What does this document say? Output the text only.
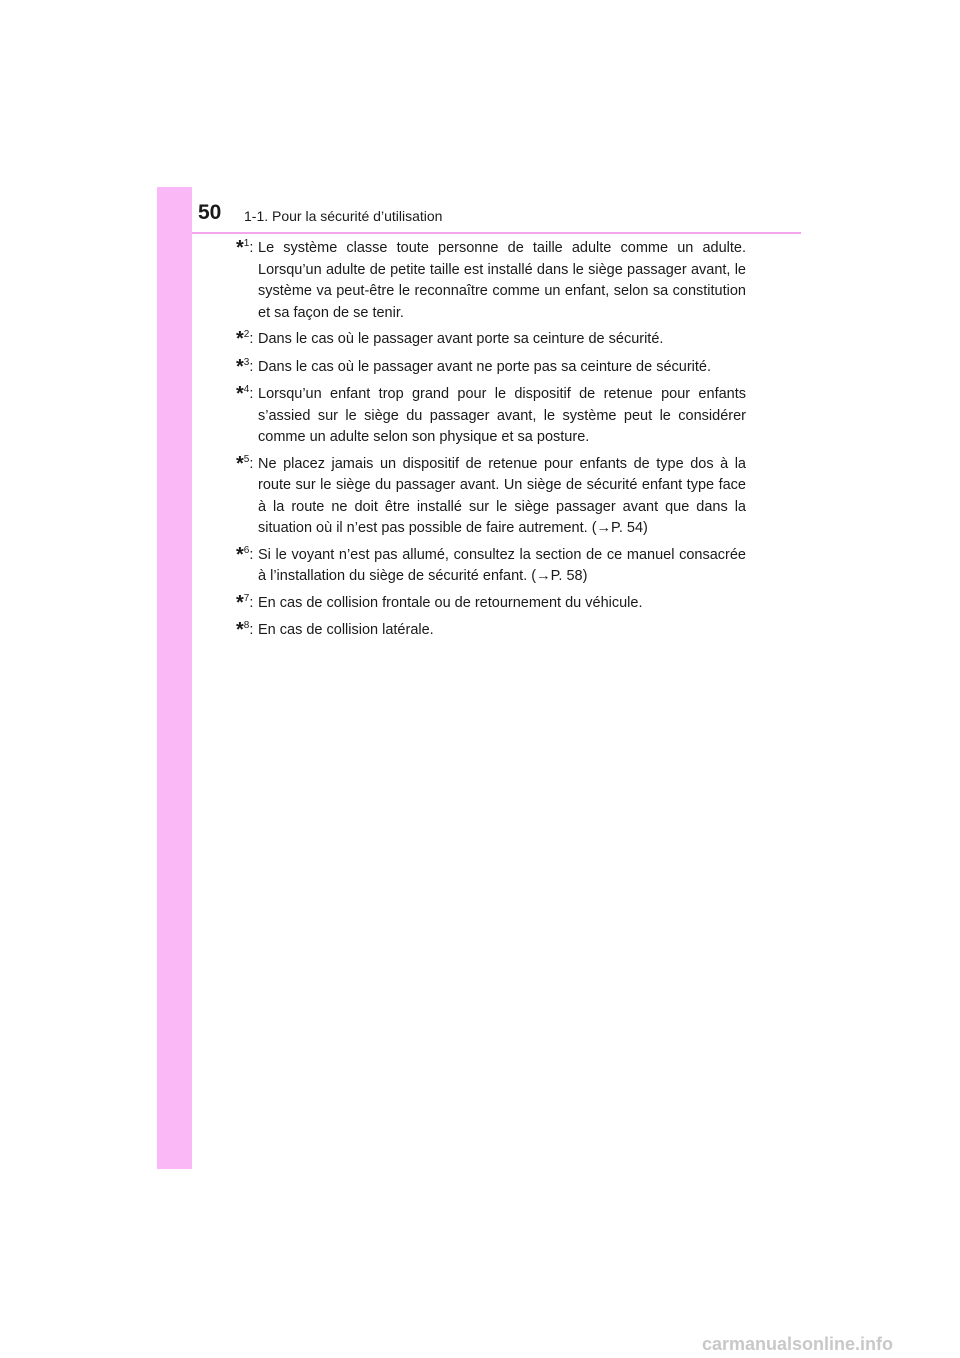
50 1-1. Pour la sécurité d’utilisation
*$^1$: Le système classe toute personne de taille adulte comme un adulte. Lorsqu’un adulte de petite taille est installé dans le siège passager avant, le système va peut-être le reconnaître comme un enfant, selon sa constitution et sa façon de se tenir.
*$^2$: Dans le cas où le passager avant porte sa ceinture de sécurité.
*$^3$: Dans le cas où le passager avant ne porte pas sa ceinture de sécurité.
*$^4$: Lorsqu’un enfant trop grand pour le dispositif de retenue pour enfants s’assied sur le siège du passager avant, le système peut le considérer comme un adulte selon son physique et sa posture.
*$^5$: Ne placez jamais un dispositif de retenue pour enfants de type dos à la route sur le siège du passager avant. Un siège de sécurité enfant type face à la route ne doit être installé sur le siège passager avant que dans la situation où il n’est pas possible de faire autrement. (→P. 54)
*$^6$: Si le voyant n’est pas allumé, consultez la section de ce manuel consacrée à l’installation du siège de sécurité enfant. (→P. 58)
*$^7$: En cas de collision frontale ou de retournement du véhicule.
*$^8$: En cas de collision latérale.
carmanualsonline.info
